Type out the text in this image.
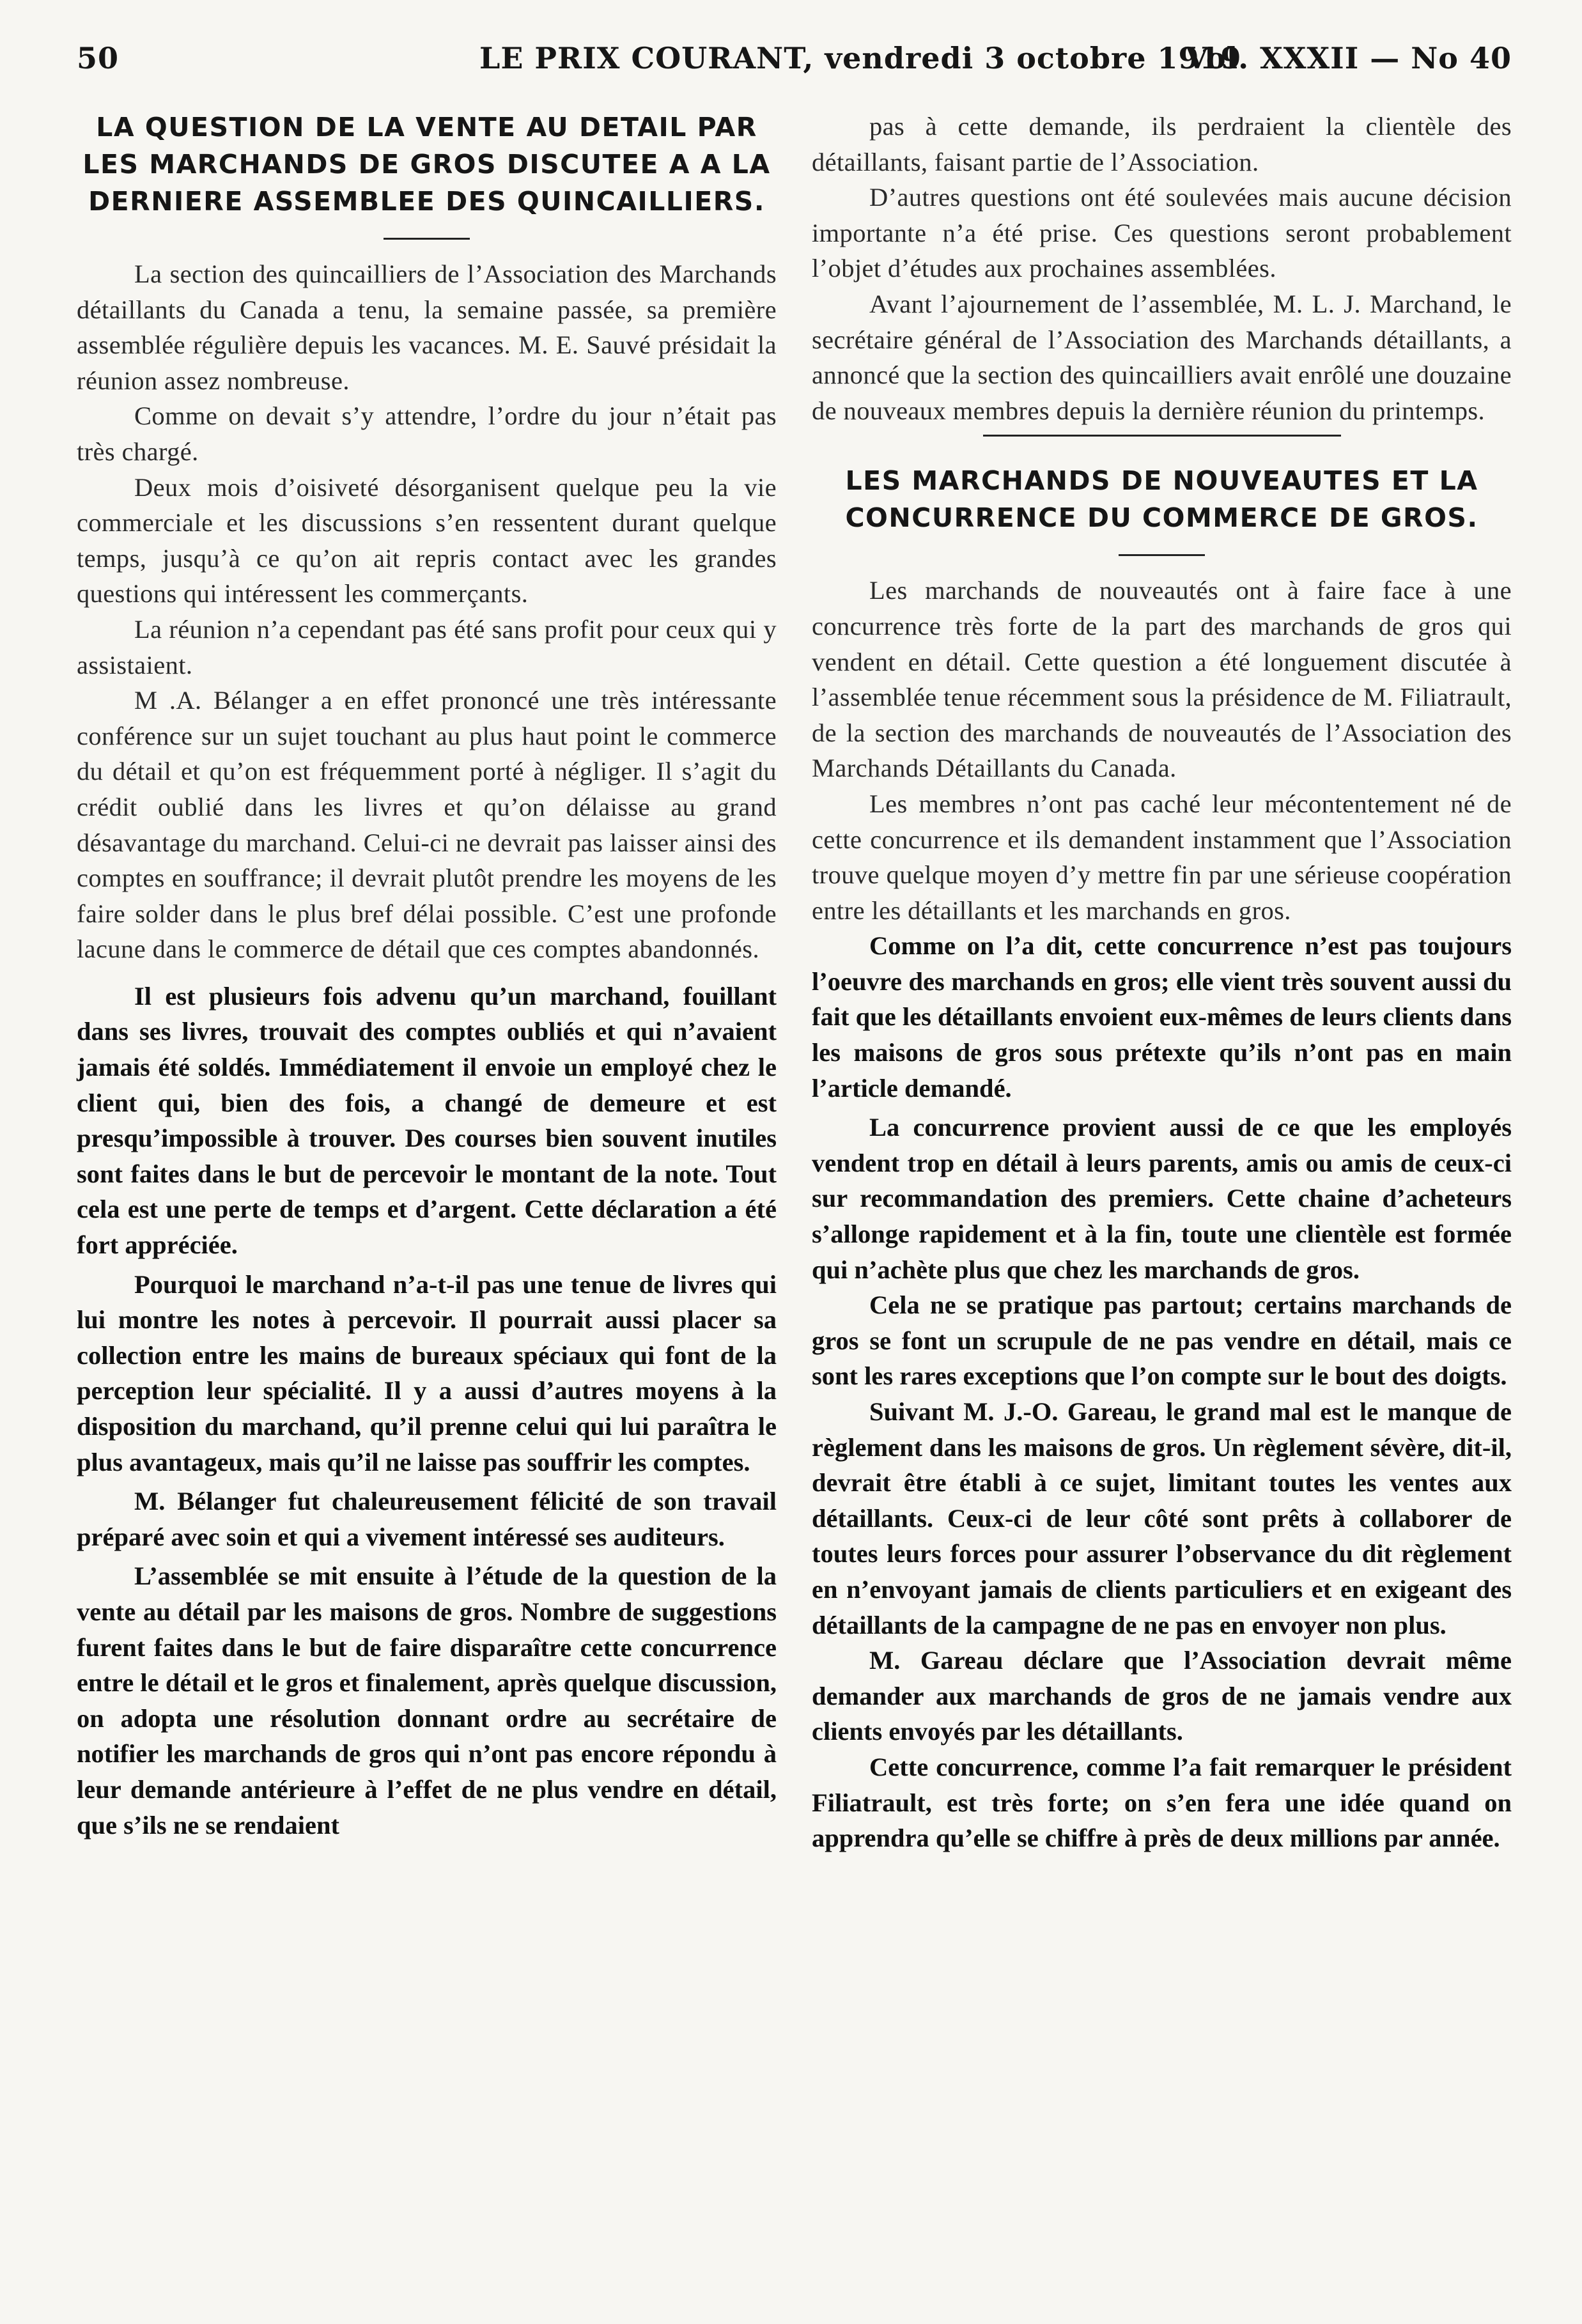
50	LE PRIX COURANT, vendredi 3 octobre 1919
Vol. XXXII — No 40
LA QUESTION DE LA VENTE AU DETAIL PAR LES MARCHANDS DE GROS DISCUTEE A A LA DERNIERE ASSEMBLEE DES QUINCAILLIERS.

La section des quincailliers de l’Association des Marchands détaillants du Canada a tenu, la semaine passée, sa première assemblée régulière depuis les vacances. M. E. Sauvé présidait la réunion assez nombreuse.

Comme on devait s’y attendre, l’ordre du jour n’était pas très chargé.

Deux mois d’oisiveté désorganisent quelque peu la vie commerciale et les discussions s’en ressentent durant quelque temps, jusqu’à ce qu’on ait repris contact avec les grandes questions qui intéressent les commerçants.

La réunion n’a cependant pas été sans profit pour ceux qui y assistaient.

M .A. Bélanger a en effet prononcé une très intéressante conférence sur un sujet touchant au plus haut point le commerce du détail et qu’on est fréquemment porté à négliger. Il s’agit du crédit oublié dans les livres et qu’on délaisse au grand désavantage du marchand. Celui-ci ne devrait pas laisser ainsi des comptes en souffrance; il devrait plutôt prendre les moyens de les faire solder dans le plus bref délai possible. C’est une profonde lacune dans le commerce de détail que ces comptes abandonnés.

Il est plusieurs fois advenu qu’un marchand, fouillant dans ses livres, trouvait des comptes oubliés et qui n’avaient jamais été soldés. Immédiatement il envoie un employé chez le client qui, bien des fois, a changé de demeure et est presqu’impossible à trouver. Des courses bien souvent inutiles sont faites dans le but de percevoir le montant de la note. Tout cela est une perte de temps et d’argent. Cette déclaration a été fort appréciée.

Pourquoi le marchand n’a-t-il pas une tenue de livres qui lui montre les notes à percevoir. Il pourrait aussi placer sa collection entre les mains de bureaux spéciaux qui font de la perception leur spécialité. Il y a aussi d’autres moyens à la disposition du marchand, qu’il prenne celui qui lui paraîtra le plus avantageux, mais qu’il ne laisse pas souffrir les comptes.

M. Bélanger fut chaleureusement félicité de son travail préparé avec soin et qui a vivement intéressé ses auditeurs.

L’assemblée se mit ensuite à l’étude de la question de la vente au détail par les maisons de gros. Nombre de suggestions furent faites dans le but de faire disparaître cette concurrence entre le détail et le gros et finalement, après quelque discussion, on adopta une résolution donnant ordre au secrétaire de notifier les marchands de gros qui n’ont pas encore répondu à leur demande antérieure à l’effet de ne plus vendre en détail, que s’ils ne se rendaient

pas à cette demande, ils perdraient la clientèle des détaillants, faisant partie de l’Association.

D’autres questions ont été soulevées mais aucune décision importante n’a été prise. Ces questions seront probablement l’objet d’études aux prochaines assemblées.

Avant l’ajournement de l’assemblée, M. L. J. Marchand, le secrétaire général de l’Association des Marchands détaillants, a annoncé que la section des quincailliers avait enrôlé une douzaine de nouveaux membres depuis la dernière réunion du printemps.

LES MARCHANDS DE NOUVEAUTES ET LA CONCURRENCE DU COMMERCE DE GROS.

Les marchands de nouveautés ont à faire face à une concurrence très forte de la part des marchands de gros qui vendent en détail. Cette question a été longuement discutée à l’assemblée tenue récemment sous la présidence de M. Filiatrault, de la section des marchands de nouveautés de l’Association des Marchands Détaillants du Canada.

Les membres n’ont pas caché leur mécontentement né de cette concurrence et ils demandent instamment que l’Association trouve quelque moyen d’y mettre fin par une sérieuse coopération entre les détaillants et les marchands en gros.

Comme on l’a dit, cette concurrence n’est pas toujours l’oeuvre des marchands en gros; elle vient très souvent aussi du fait que les détaillants envoient eux-mêmes de leurs clients dans les maisons de gros sous prétexte qu’ils n’ont pas en main l’article demandé.

La concurrence provient aussi de ce que les employés vendent trop en détail à leurs parents, amis ou amis de ceux-ci sur recommandation des premiers. Cette chaine d’acheteurs s’allonge rapidement et à la fin, toute une clientèle est formée qui n’achète plus que chez les marchands de gros.

Cela ne se pratique pas partout; certains marchands de gros se font un scrupule de ne pas vendre en détail, mais ce sont les rares exceptions que l’on compte sur le bout des doigts.

Suivant M. J.-O. Gareau, le grand mal est le manque de règlement dans les maisons de gros. Un règlement sévère, dit-il, devrait être établi à ce sujet, limitant toutes les ventes aux détaillants. Ceux-ci de leur côté sont prêts à collaborer de toutes leurs forces pour assurer l’observance du dit règlement en n’envoyant jamais de clients particuliers et en exigeant des détaillants de la campagne de ne pas en envoyer non plus.

M. Gareau déclare que l’Association devrait même demander aux marchands de gros de ne jamais vendre aux clients envoyés par les détaillants.

Cette concurrence, comme l’a fait remarquer le président Filiatrault, est très forte; on s’en fera une idée quand on apprendra qu’elle se chiffre à près de deux millions par année.
